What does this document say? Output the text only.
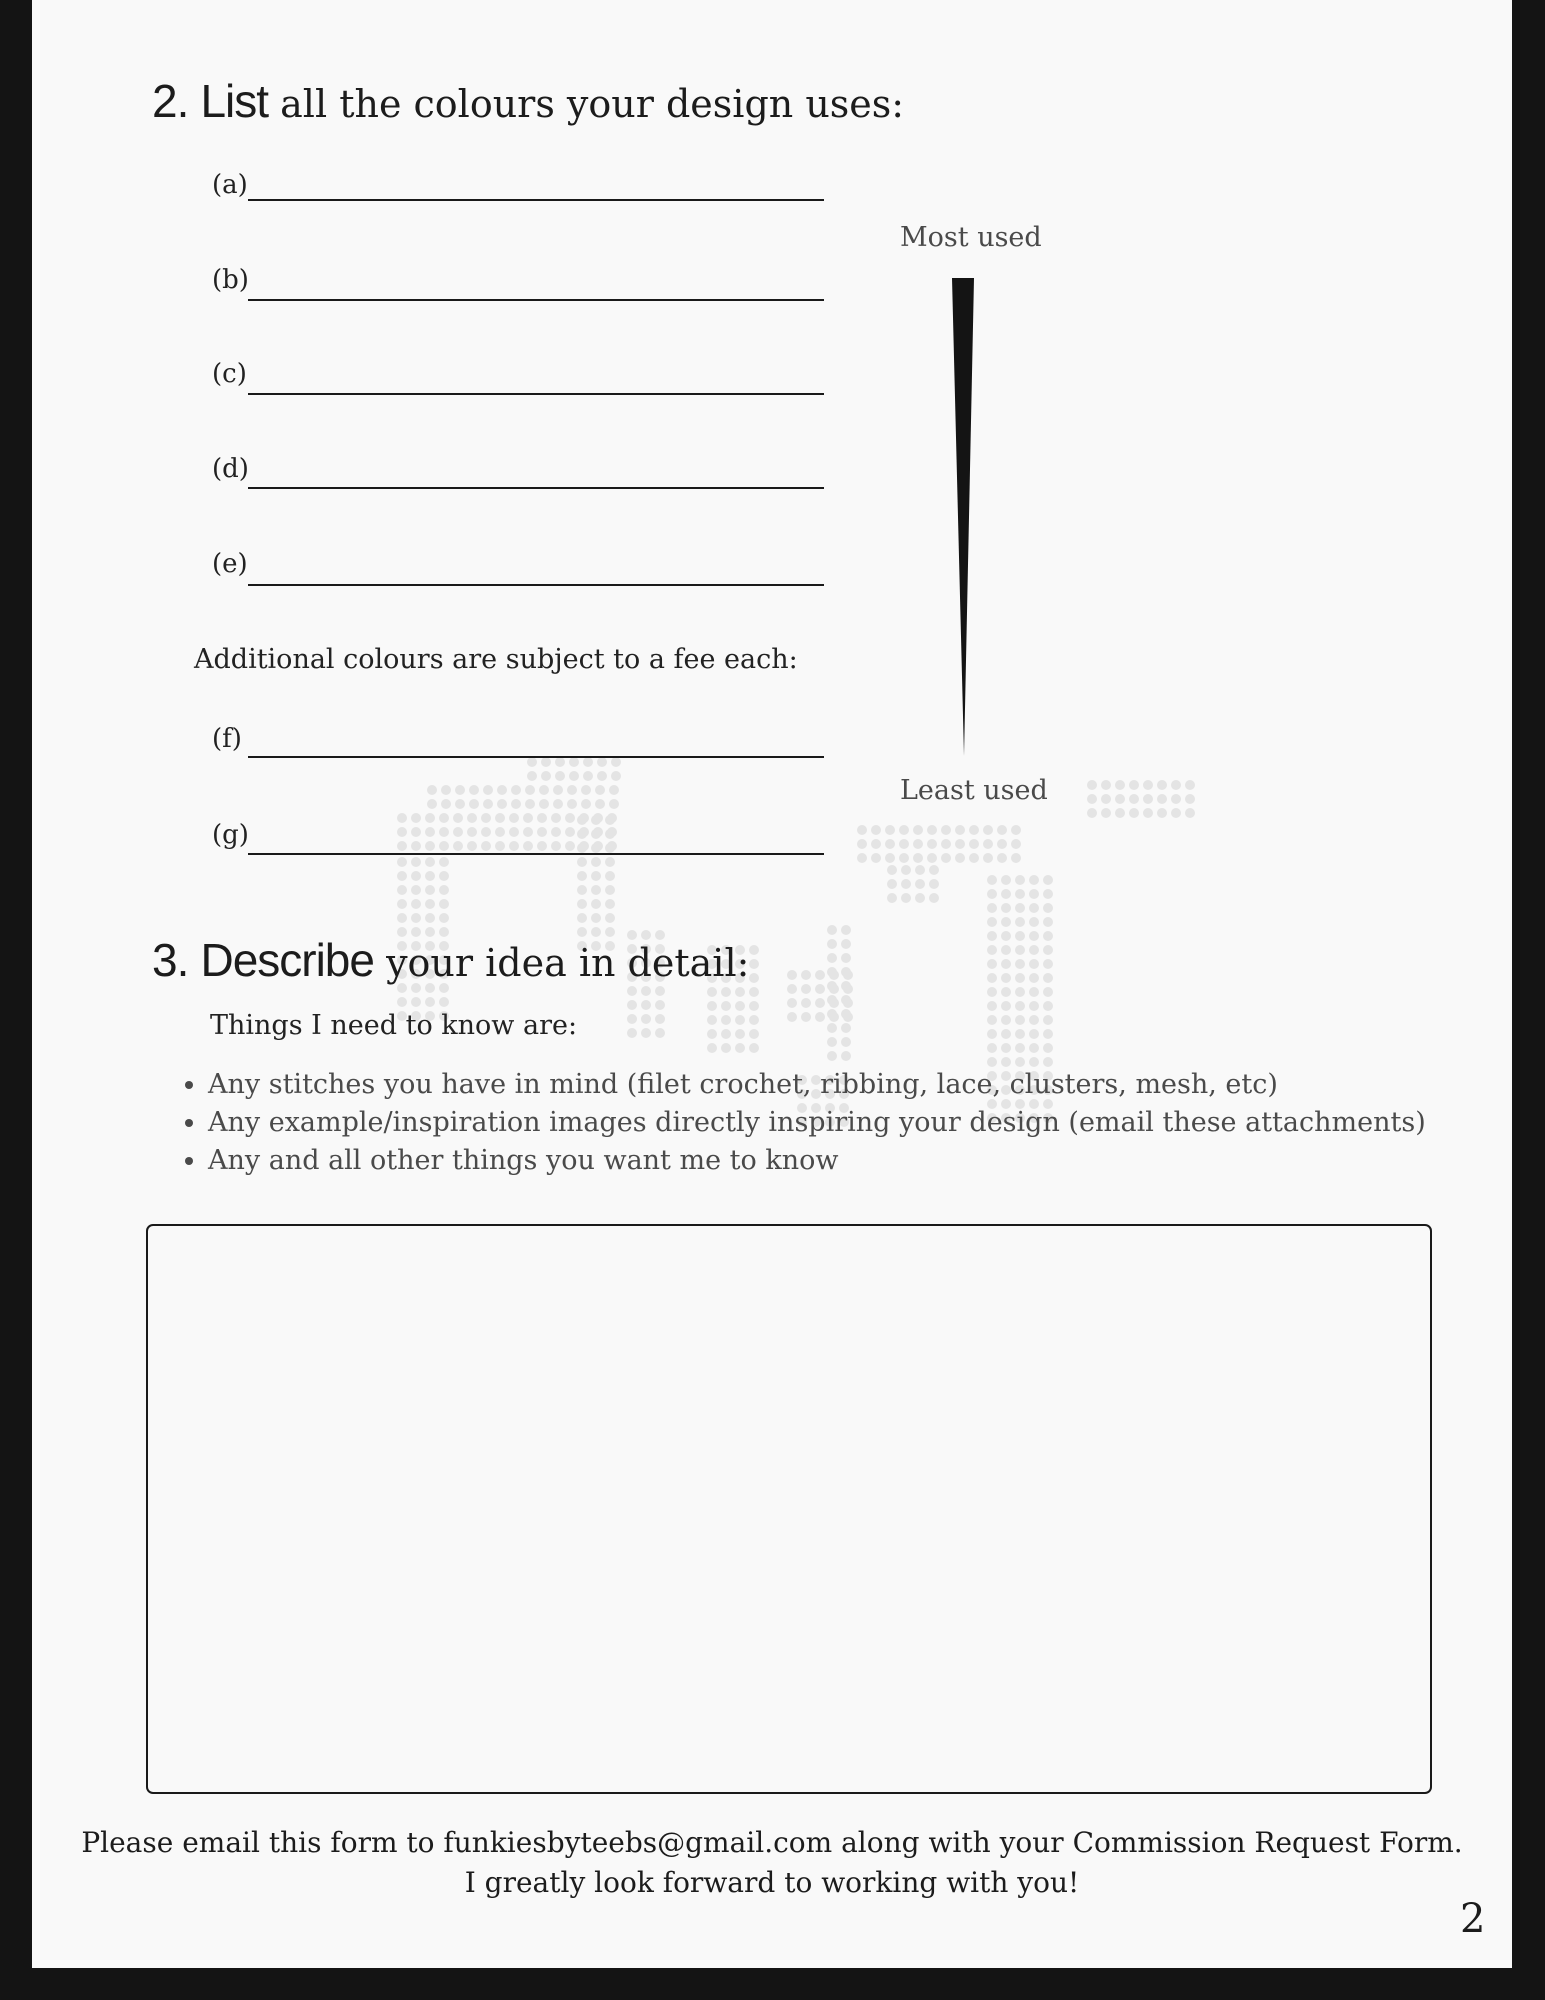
2. List all the colours your design uses:
(a)
(b)
(c)
(d)
(e)
Additional colours are subject to a fee each:
(f)
(g)
Most used
Least used
3. Describe your idea in detail:
Things I need to know are:
• Any stitches you have in mind (filet crochet, ribbing, lace, clusters, mesh, etc)
• Any example/inspiration images directly inspiring your design (email these attachments)
• Any and all other things you want me to know
Please email this form to funkiesbyteebs@gmail.com along with your Commission Request Form.
I greatly look forward to working with you!
2
